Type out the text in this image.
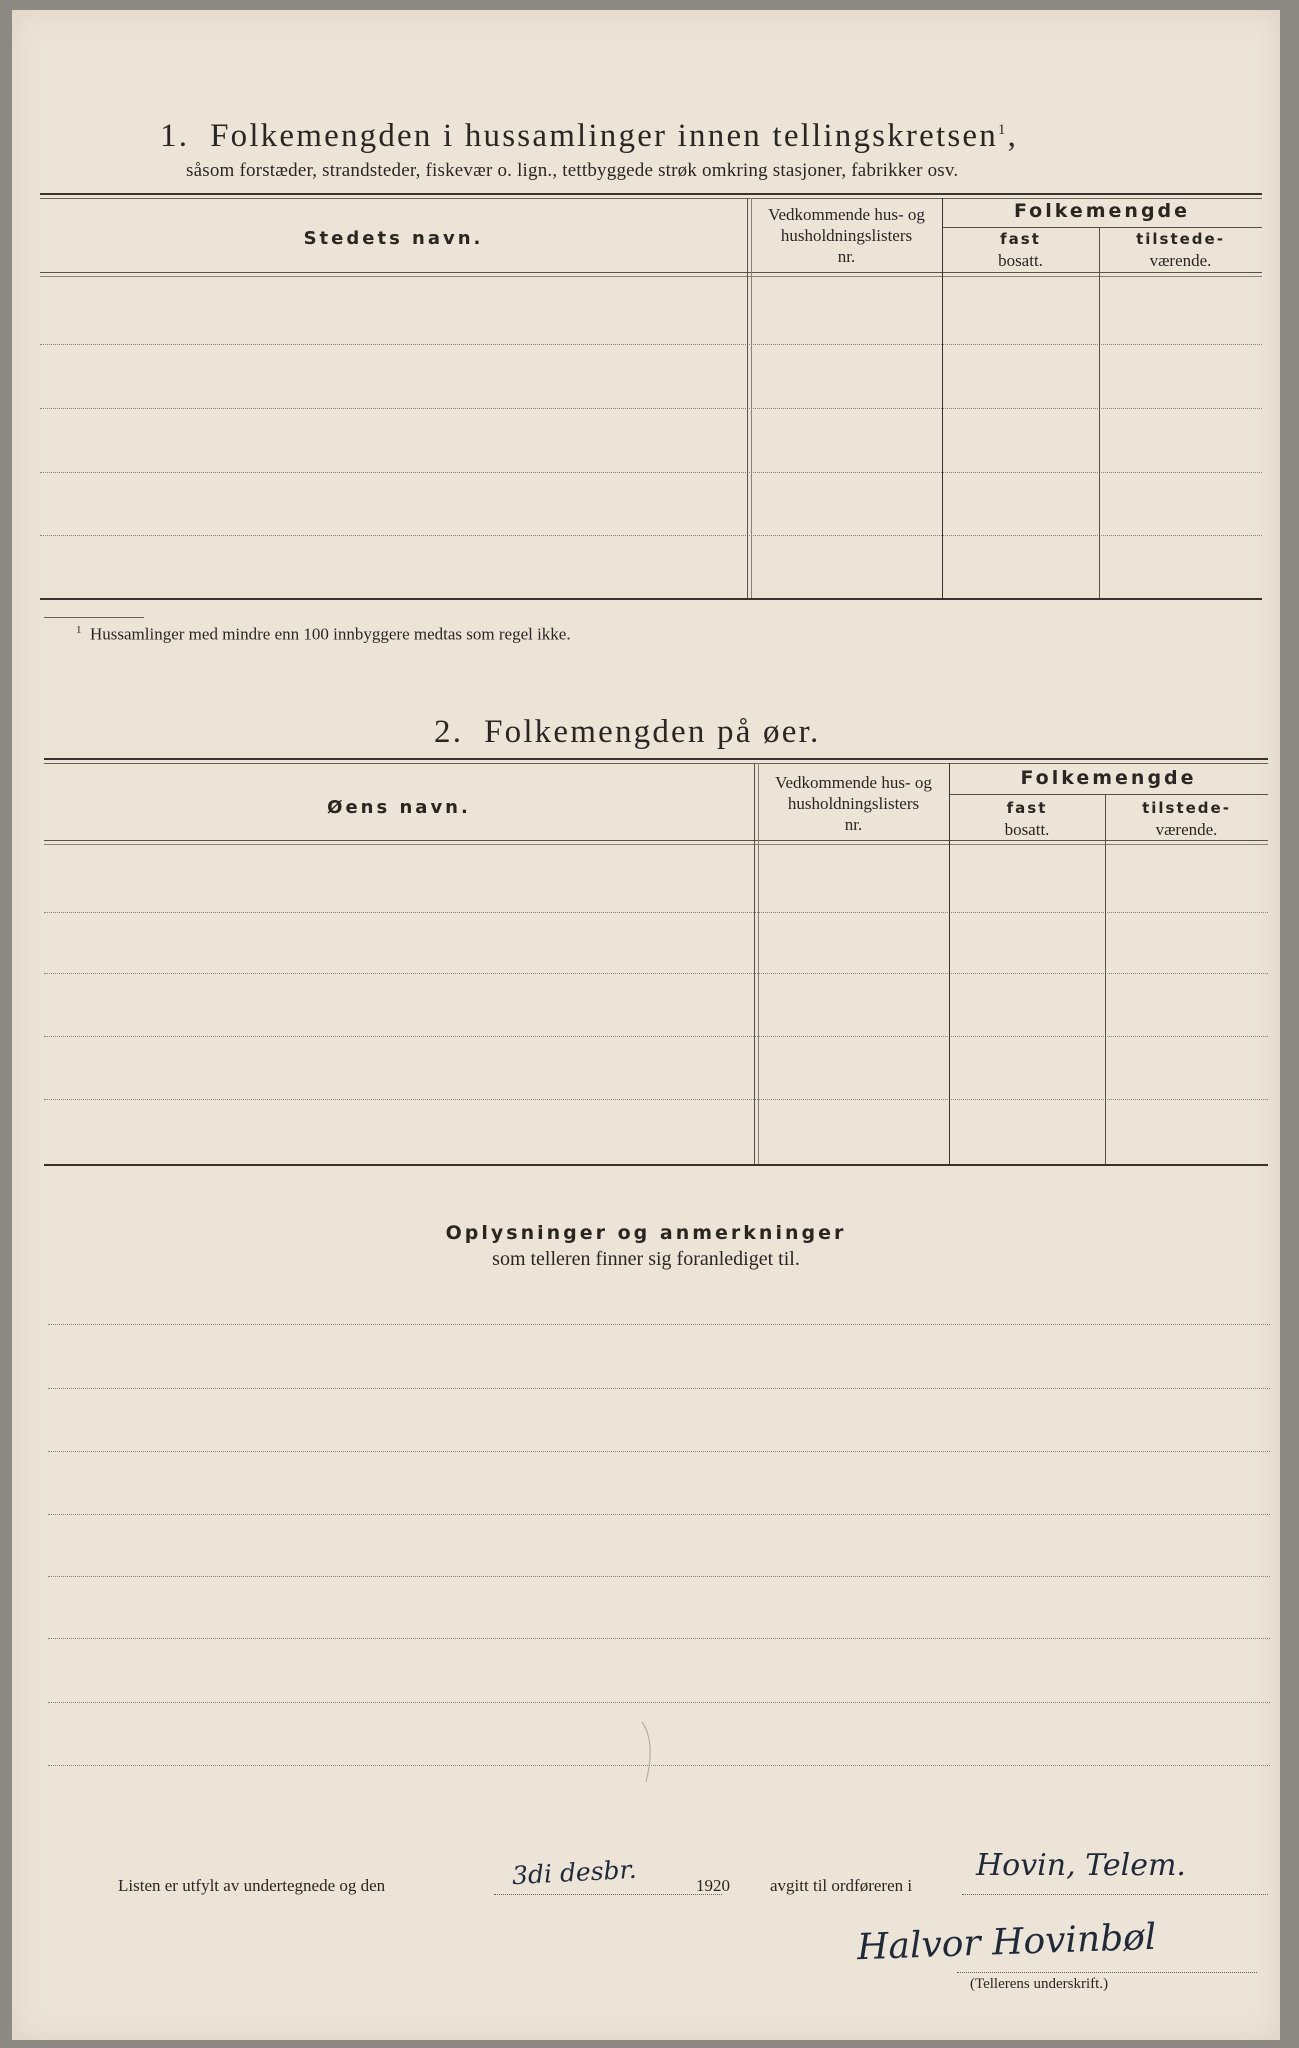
1. Folkemengden i hussamlinger innen tellingskretsen$^1$,
såsom forstæder, strandsteder, fiskevær o. lign., tettbyggede strøk omkring stasjoner, fabrikker osv.
Stedets navn.
Vedkommende hus- og
husholdningslisters
nr.
Folkemengde
fast
bosatt.
tilstede-
værende.
$^1$ Hussamlinger med mindre enn 100 innbyggere medtas som regel ikke.
2. Folkemengden på øer.
Øens navn.
Vedkommende hus- og
husholdningslisters
nr.
Folkemengde
fast
bosatt.
tilstede-
værende.
Oplysninger og anmerkninger
som telleren finner sig foranlediget til.
Listen er utfylt av undertegnede og den	3di desbr.	1920 avgitt til ordføreren i
Hovin, Telem.
Halvor Hovinbøl
(Tellerens underskrift.)
